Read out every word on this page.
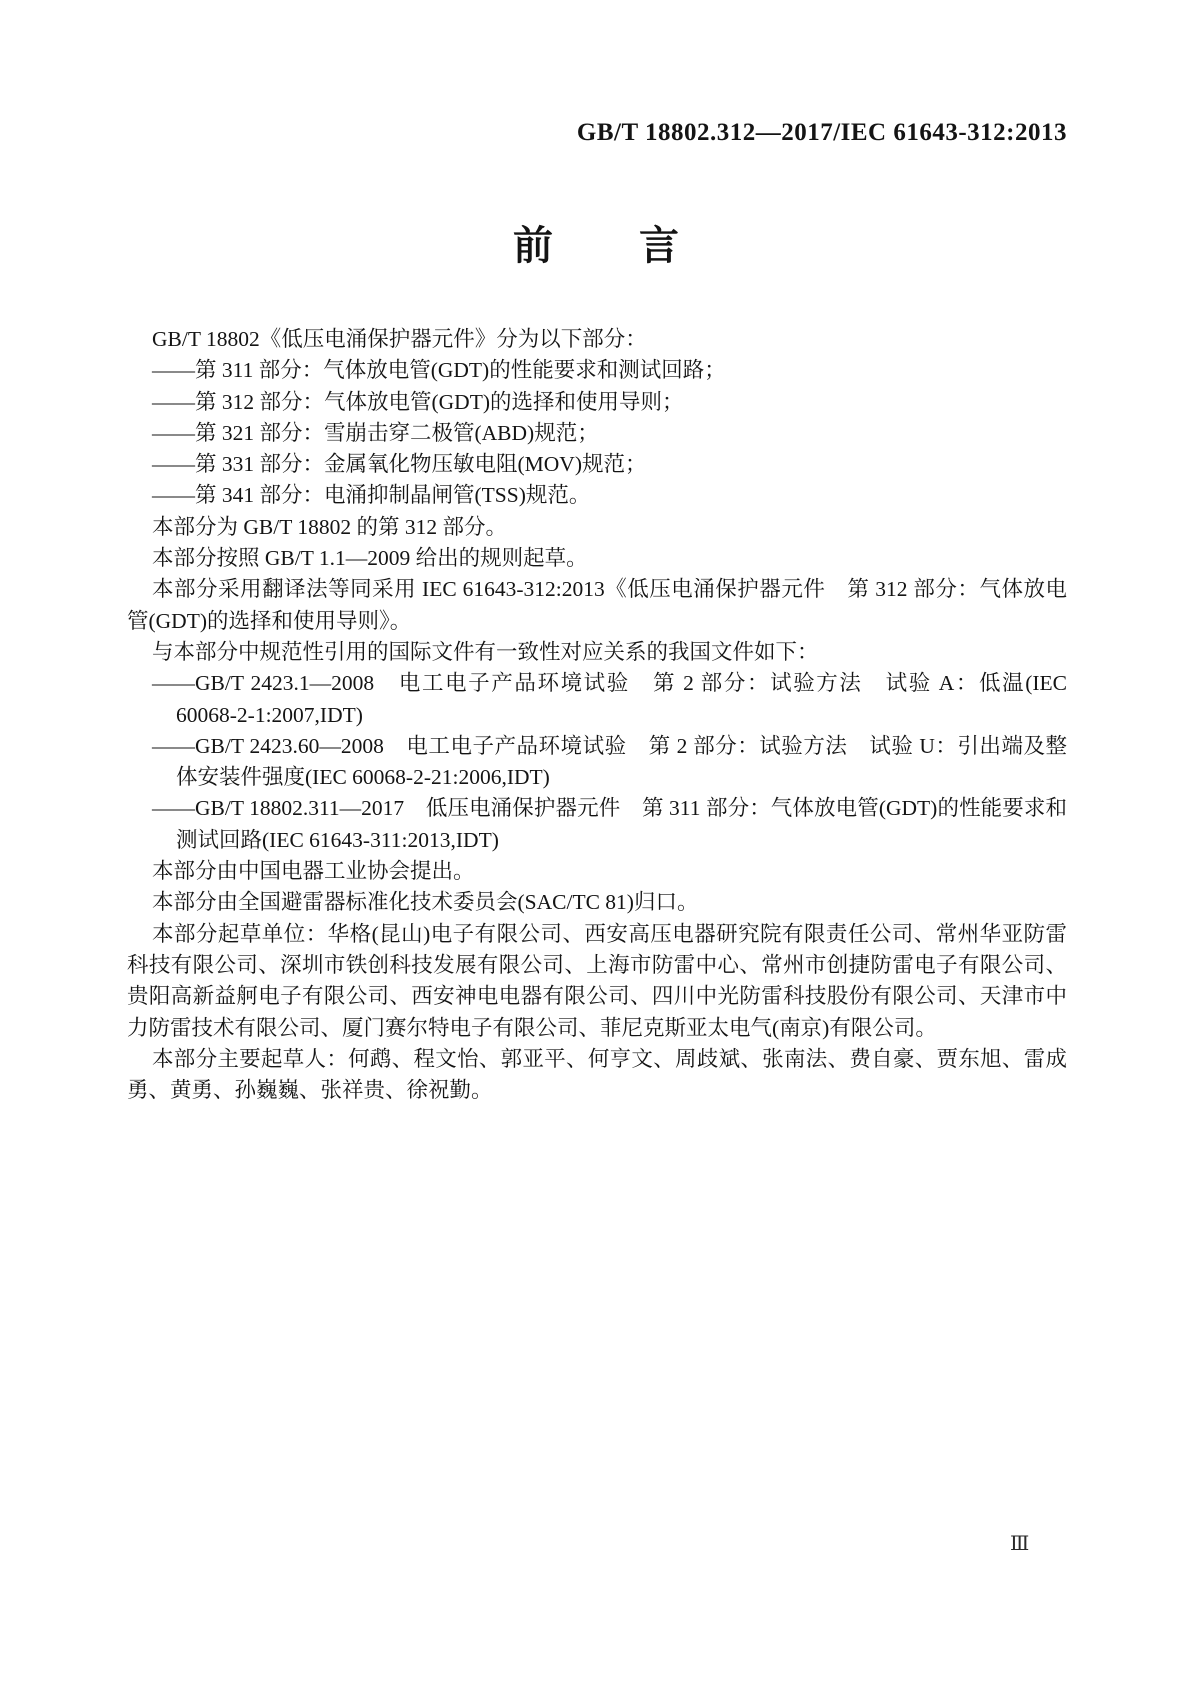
GB/T 18802.312—2017/IEC 61643-312:2013
前　　言

GB/T 18802《低压电涌保护器元件》分为以下部分：

——第 311 部分：气体放电管(GDT)的性能要求和测试回路；

——第 312 部分：气体放电管(GDT)的选择和使用导则；

——第 321 部分：雪崩击穿二极管(ABD)规范；

——第 331 部分：金属氧化物压敏电阻(MOV)规范；

——第 341 部分：电涌抑制晶闸管(TSS)规范。

本部分为 GB/T 18802 的第 312 部分。

本部分按照 GB/T 1.1—2009 给出的规则起草。

本部分采用翻译法等同采用 IEC 61643-312:2013《低压电涌保护器元件　第 312 部分：气体放电管(GDT)的选择和使用导则》。

与本部分中规范性引用的国际文件有一致性对应关系的我国文件如下：

——GB/T 2423.1—2008　电工电子产品环境试验　第 2 部分：试验方法　试验 A：低温(IEC 60068-2-1:2007,IDT)

——GB/T 2423.60—2008　电工电子产品环境试验　第 2 部分：试验方法　试验 U：引出端及整体安装件强度(IEC 60068-2-21:2006,IDT)

——GB/T 18802.311—2017　低压电涌保护器元件　第 311 部分：气体放电管(GDT)的性能要求和测试回路(IEC 61643-311:2013,IDT)

本部分由中国电器工业协会提出。

本部分由全国避雷器标准化技术委员会(SAC/TC 81)归口。

本部分起草单位：华格(昆山)电子有限公司、西安高压电器研究院有限责任公司、常州华亚防雷科技有限公司、深圳市铁创科技发展有限公司、上海市防雷中心、常州市创捷防雷电子有限公司、贵阳高新益舸电子有限公司、西安神电电器有限公司、四川中光防雷科技股份有限公司、天津市中力防雷技术有限公司、厦门赛尔特电子有限公司、菲尼克斯亚太电气(南京)有限公司。

本部分主要起草人：何鹉、程文怡、郭亚平、何亨文、周歧斌、张南法、费自豪、贾东旭、雷成勇、黄勇、孙巍巍、张祥贵、徐祝勤。

Ⅲ
